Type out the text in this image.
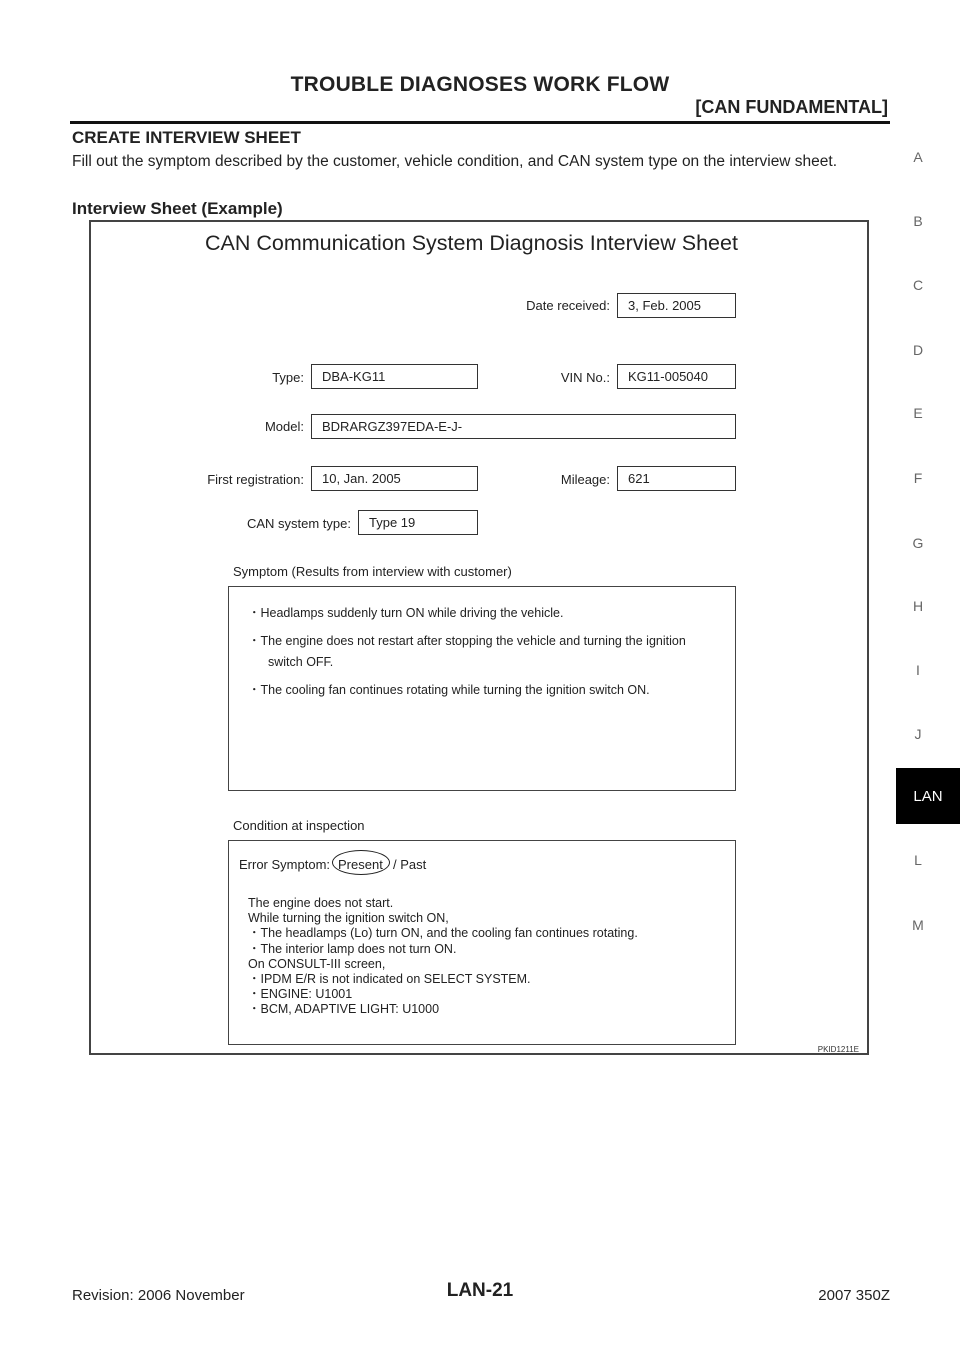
TROUBLE DIAGNOSES WORK FLOW
[CAN FUNDAMENTAL]
CREATE INTERVIEW SHEET
Fill out the symptom described by the customer, vehicle condition, and CAN system type on the interview sheet.
Interview Sheet (Example)
A
B
C
D
E
F
G
H
I
J
LAN
L
M
CAN Communication System Diagnosis Interview Sheet
Date received:	3, Feb. 2005
Type:	DBA-KG11	VIN No.:	KG11-005040
Model:	BDRARGZ397EDA-E-J-
First registration:	10, Jan. 2005	Mileage:	621
CAN system type:	Type 19
Symptom (Results from interview with customer)
・Headlamps suddenly turn ON while driving the vehicle.
・The engine does not restart after stopping the vehicle and turning the ignition
switch OFF.
・The cooling fan continues rotating while turning the ignition switch ON.
Condition at inspection
Error Symptom: Present / Past
The engine does not start.
While turning the ignition switch ON,
・The headlamps (Lo) turn ON, and the cooling fan continues rotating.
・The interior lamp does not turn ON.
On CONSULT-III screen,
・IPDM E/R is not indicated on SELECT SYSTEM.
・ENGINE: U1001
・BCM, ADAPTIVE LIGHT: U1000
PKID1211E
Revision: 2006 November	LAN-21	2007 350Z
